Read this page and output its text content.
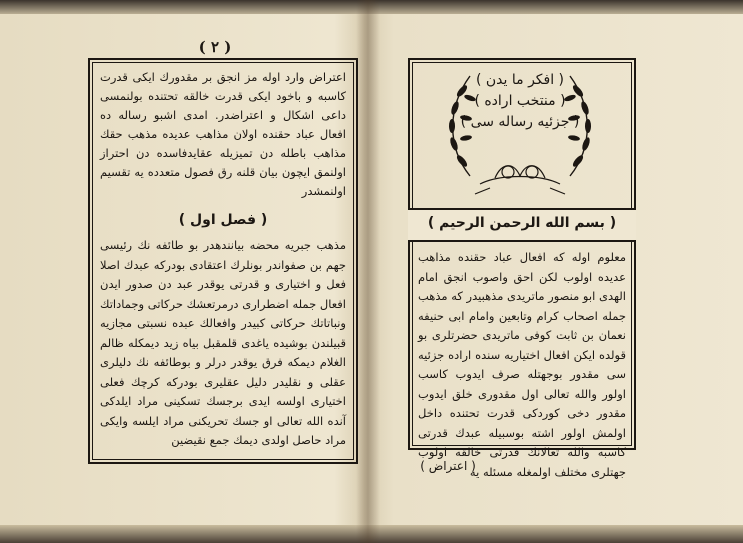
( ۲ )

اعتراض وارد اوله مز انجق بر مقدورك ایکی قدرت کاسبه و باخود ایکی قدرت خالقه تحتنده بولنمسی داعی اشکال و اعتراضدر. امدی اشبو رساله ده افعال عباد حقنده اولان مذاهب عدیده مذهب حقك مذاهب باطله دن تمیزیله عقایدفاسده دن احتراز اولنمق ایچون بیان قلنه رق فصول متعدده یه تقسیم اولنمشدر

( فصل اول )

مذهب جبریه محضه بیانندهدر بو طائفه نك رئیسی جهم بن صفواندر بونلرك اعتقادی بودركه عبدك اصلا فعل و اختیاری و قدرتی یوقدر عبد دن صدور ایدن افعال جمله اضطراری درمرتعشك حركاتی وجماداتك ونباتاتك حركاتی كبیدر وافعالك عبده نسبتی مجازیه قبیلندن بوشیده یاغدی قلمقبل بیاه زید دیمكله ظالم الغلام دیمكه فرق یوقدر درلر و بوطائفه نك دلیلری عقلی و نقلیدر دلیل عقلیری بودركه كرچك فعلی اختیاری اولسه ایدی برجسك تسكینی مراد ایلدكی آنده الله تعالی او جسك تحریكنی مراد ایلسه وایکی مراد حاصل اولدی دیمك جمع نقیضین

( افكر ما یدن )
( منتخب اراده )
( جزئیه رساله سی )
( بسم الله الرحمن الرحیم )

معلوم اوله كه افعال عباد حقنده مذاهب عدیده اولوب لكن احق واصوب انجق امام الهدی ابو منصور ماتریدی مذهبیدر كه مذهب جمله اصحاب كرام وتابعین وامام ابی حنیفه نعمان بن ثابت كوفی ماتریدی حضرتلری بو قولده ایكن افعال اختیاریه سنده اراده جزئیه سی مقدور بوجهتله صرف ایدوب كاسب اولور والله تعالی اول مقدوری خلق ایدوب مقدور دخی كوردكی قدرت تحتنده داخل اولمش اولور اشته بوسبیله عبدك قدرتی كاسبه والله تعالانك قدرتی خالقه اولوب جهتلری مختلف اولمغله مسئله یه

( اعتراض )
